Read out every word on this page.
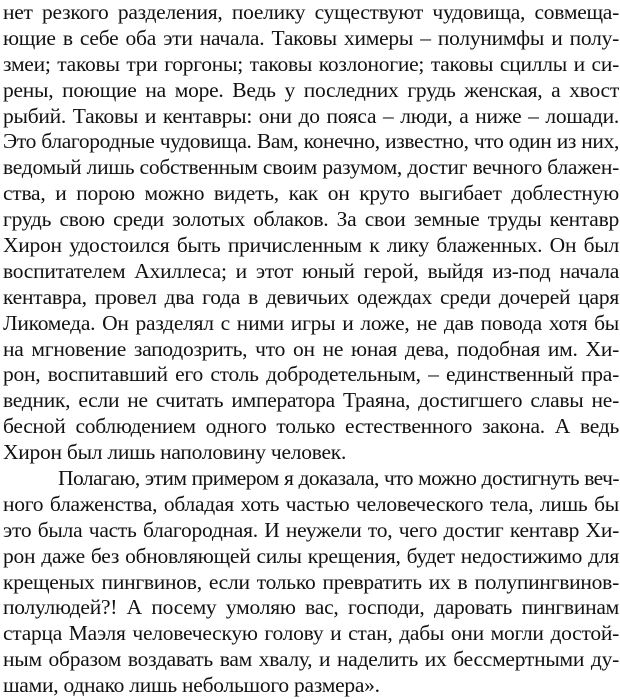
нет резкого разделения, поелику существуют чудовища, совмеща-
ющие в себе оба эти начала. Таковы химеры – полунимфы и полу-
змеи; таковы три горгоны; таковы козлоногие; таковы сциллы и си-
рены, поющие на море. Ведь у последних грудь женская, а хвост
рыбий. Таковы и кентавры: они до пояса – люди, а ниже – лошади.
Это благородные чудовища. Вам, конечно, известно, что один из них,
ведомый лишь собственным своим разумом, достиг вечного блажен-
ства, и порою можно видеть, как он круто выгибает доблестную
грудь свою среди золотых облаков. За свои земные труды кентавр
Хирон удостоился быть причисленным к лику блаженных. Он был
воспитателем Ахиллеса; и этот юный герой, выйдя из-под начала
кентавра, провел два года в девичьих одеждах среди дочерей царя
Ликомеда. Он разделял с ними игры и ложе, не дав повода хотя бы
на мгновение заподозрить, что он не юная дева, подобная им. Хи-
рон, воспитавший его столь добродетельным, – единственный пра-
ведник, если не считать императора Траяна, достигшего славы не-
бесной соблюдением одного только естественного закона. А ведь
Хирон был лишь наполовину человек.
Полагаю, этим примером я доказала, что можно достигнуть веч-
ного блаженства, обладая хоть частью человеческого тела, лишь бы
это была часть благородная. И неужели то, чего достиг кентавр Хи-
рон даже без обновляющей силы крещения, будет недостижимо для
крещеных пингвинов, если только превратить их в полупингвинов-
полулюдей?! А посему умоляю вас, господи, даровать пингвинам
старца Маэля человеческую голову и стан, дабы они могли достой-
ным образом воздавать вам хвалу, и наделить их бессмертными ду-
шами, однако лишь небольшого размера».
